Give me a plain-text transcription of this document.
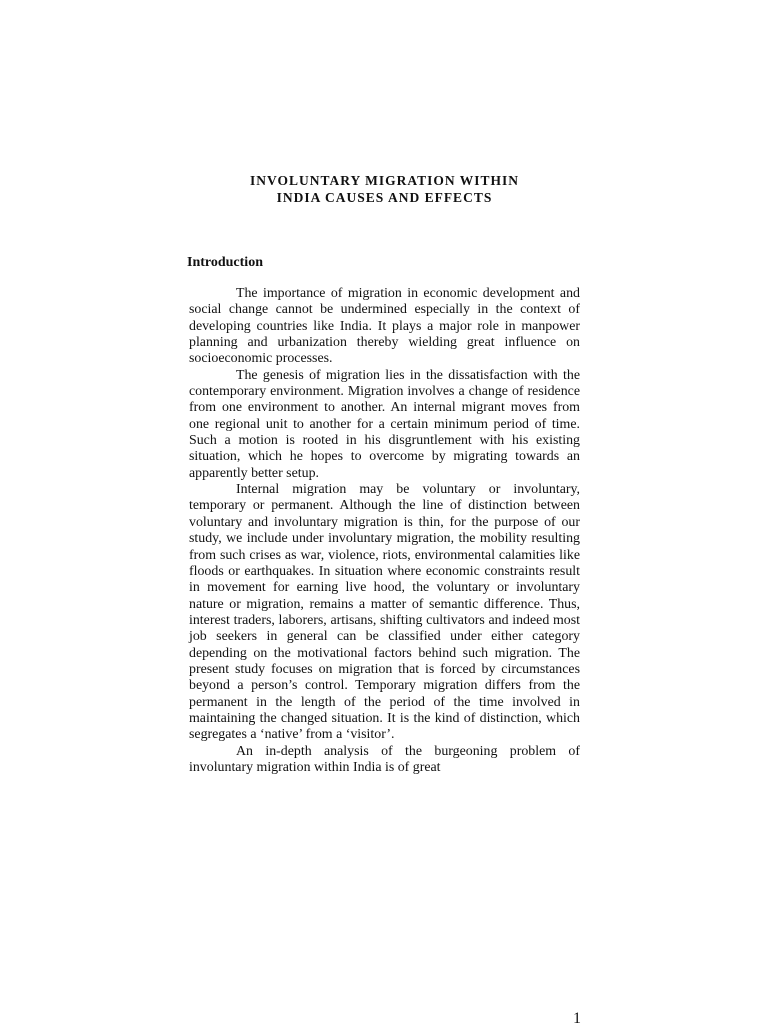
INVOLUNTARY MIGRATION WITHIN
INDIA CAUSES AND EFFECTS
Introduction

The importance of migration in economic development and social change cannot be undermined especially in the context of developing countries like India. It plays a major role in manpower planning and urbanization thereby wielding great influence on socioeconomic processes.

The genesis of migration lies in the dissatisfaction with the contemporary environment. Migration involves a change of residence from one environment to another. An internal migrant moves from one regional unit to another for a certain minimum period of time. Such a motion is rooted in his disgruntlement with his existing situation, which he hopes to overcome by migrating towards an apparently better setup.

Internal migration may be voluntary or involuntary, temporary or permanent. Although the line of distinction between voluntary and involuntary migration is thin, for the purpose of our study, we include under involuntary migration, the mobility resulting from such crises as war, violence, riots, environmental calamities like floods or earthquakes. In situation where economic constraints result in movement for earning live hood, the voluntary or involuntary nature or migration, remains a matter of semantic difference. Thus, interest traders, laborers, artisans, shifting cultivators and indeed most job seekers in general can be classified under either category depending on the motivational factors behind such migration. The present study focuses on migration that is forced by circumstances beyond a person’s control. Temporary migration differs from the permanent in the length of the period of the time involved in maintaining the changed situation. It is the kind of distinction, which segregates a ‘native’ from a ‘visitor’.

An in-depth analysis of the burgeoning problem of involuntary migration within India is of great

1
